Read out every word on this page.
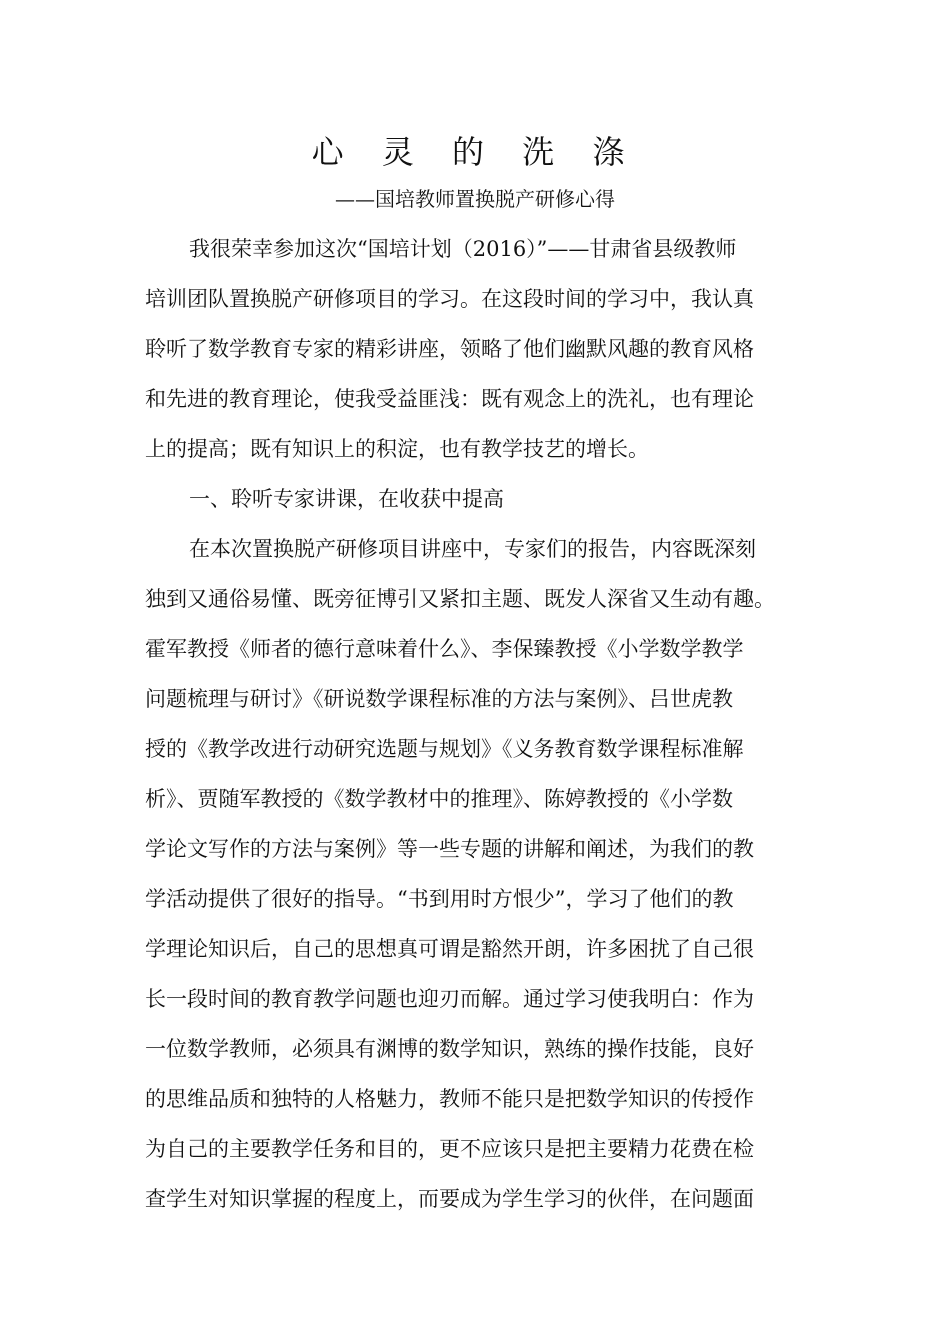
心 灵 的 洗 涤
——国培教师置换脱产研修心得
我很荣幸参加这次“国培计划（2016）”——甘肃省县级教师
培训团队置换脱产研修项目的学习。在这段时间的学习中，我认真
聆听了数学教育专家的精彩讲座，领略了他们幽默风趣的教育风格
和先进的教育理论，使我受益匪浅：既有观念上的洗礼，也有理论
上的提高；既有知识上的积淀，也有教学技艺的增长。
一、聆听专家讲课，在收获中提高
在本次置换脱产研修项目讲座中，专家们的报告，内容既深刻
独到又通俗易懂、既旁征博引又紧扣主题、既发人深省又生动有趣。
霍军教授《师者的德行意味着什么》、李保臻教授《小学数学教学
问题梳理与研讨》《研说数学课程标准的方法与案例》、吕世虎教
授的《教学改进行动研究选题与规划》《义务教育数学课程标准解
析》、贾随军教授的《数学教材中的推理》、陈婷教授的《小学数
学论文写作的方法与案例》等一些专题的讲解和阐述，为我们的教
学活动提供了很好的指导。“书到用时方恨少”，学习了他们的教
学理论知识后，自己的思想真可谓是豁然开朗，许多困扰了自己很
长一段时间的教育教学问题也迎刃而解。通过学习使我明白：作为
一位数学教师，必须具有渊博的数学知识，熟练的操作技能，良好
的思维品质和独特的人格魅力，教师不能只是把数学知识的传授作
为自己的主要教学任务和目的，更不应该只是把主要精力花费在检
查学生对知识掌握的程度上，而要成为学生学习的伙伴，在问题面
